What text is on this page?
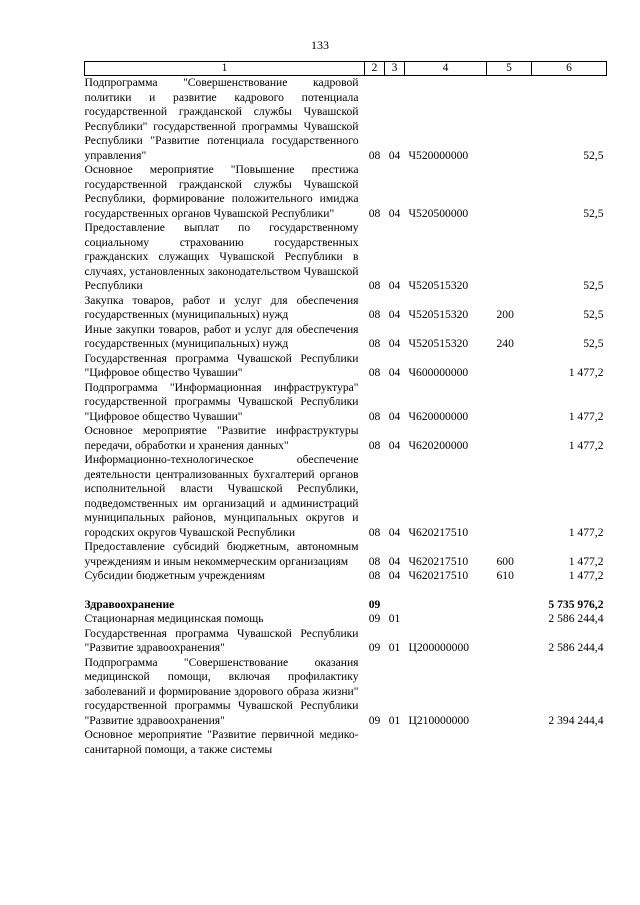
133
1	2	3	4	5	6
Подпрограмма "Совершенствование кадровой политики и развитие кадрового потенциала государственной гражданской службы Чувашской Республики" государственной программы Чувашской Республики "Развитие потенциала государственного управления"	08	04	Ч520000000		52,5
Основное мероприятие "Повышение престижа государственной гражданской службы Чувашской Республики, формирование положительного имиджа государственных органов Чувашской Республики"	08	04	Ч520500000		52,5
Предоставление выплат по государственному социальному страхованию государственных гражданских служащих Чувашской Республики в случаях, установленных законодательством Чувашской Республики	08	04	Ч520515320		52,5
Закупка товаров, работ и услуг для обеспечения государственных (муниципальных) нужд	08	04	Ч520515320	200	52,5
Иные закупки товаров, работ и услуг для обеспечения государственных (муниципальных) нужд	08	04	Ч520515320	240	52,5
Государственная программа Чувашской Республики "Цифровое общество Чувашии"	08	04	Ч600000000		1 477,2
Подпрограмма "Информационная инфраструктура" государственной программы Чувашской Республики "Цифровое общество Чувашии"	08	04	Ч620000000		1 477,2
Основное мероприятие "Развитие инфраструктуры передачи, обработки и хранения данных"	08	04	Ч620200000		1 477,2
Информационно-технологическое обеспечение деятельности централизованных бухгалтерий органов исполнительной власти Чувашской Республики, подведомственных им организаций и администраций муниципальных районов, мунципальных округов и городских округов Чувашской Республики	08	04	Ч620217510		1 477,2
Предоставление субсидий бюджетным, автономным учреждениям и иным некоммерческим организациям	08	04	Ч620217510	600	1 477,2
Субсидии бюджетным учреждениям	08	04	Ч620217510	610	1 477,2

Здравоохранение	09				5 735 976,2
Стационарная медицинская помощь	09	01			2 586 244,4
Государственная программа Чувашской Республики "Развитие здравоохранения"	09	01	Ц200000000		2 586 244,4
Подпрограмма "Совершенствование оказания медицинской помощи, включая профилактику заболеваний и формирование здорового образа жизни" государственной программы Чувашской Республики "Развитие здравоохранения"	09	01	Ц210000000		2 394 244,4
Основное мероприятие "Развитие первичной медико-санитарной помощи, а также системы					
